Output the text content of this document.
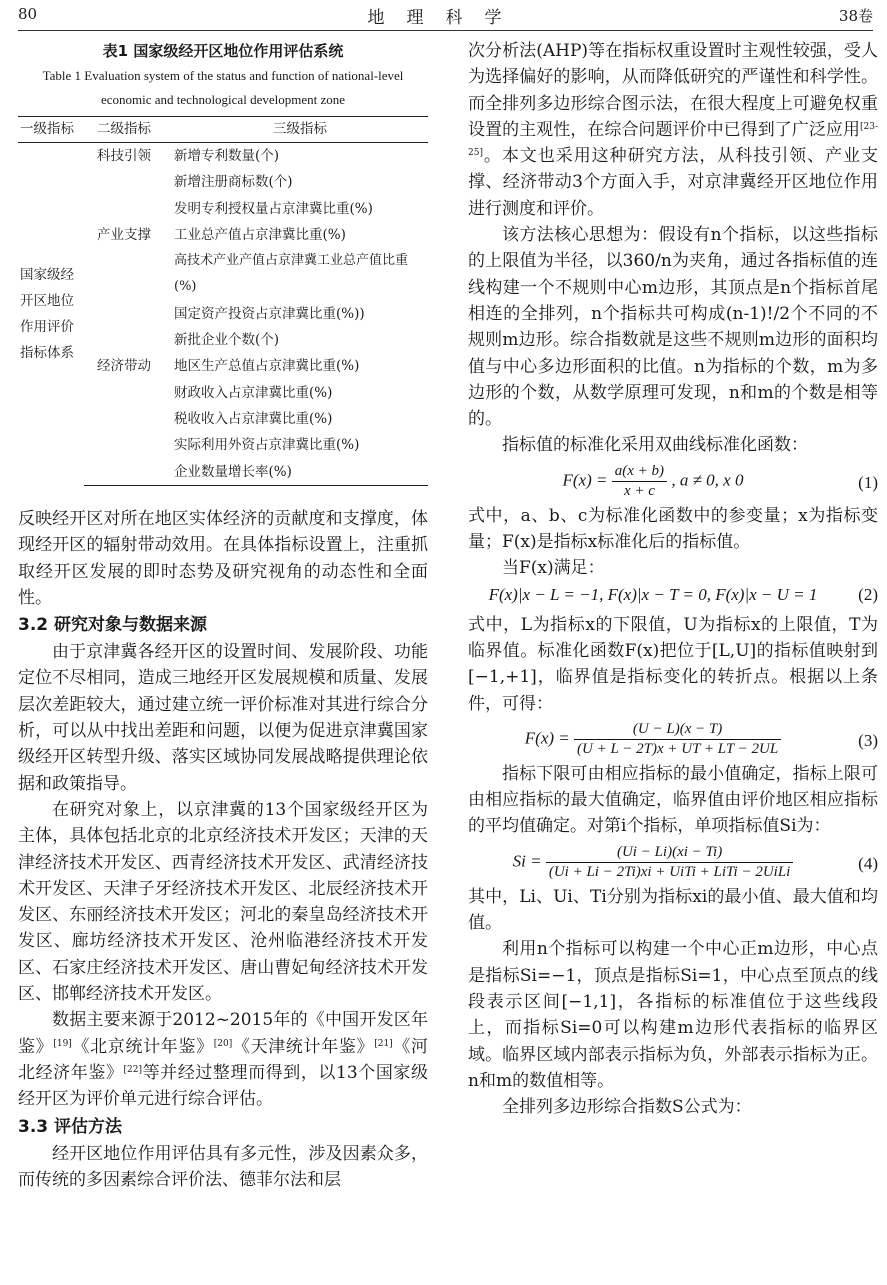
80	地理科学	38卷
表1 国家级经开区地位作用评估系统
Table 1 Evaluation system of the status and function of national-level economic and technological development zone
一级指标	二级指标	三级指标
国家级经开区地位作用评价指标体系	科技引领	新增专利数量(个)
		新增注册商标数(个)
		发明专利授权量占京津冀比重(%)
	产业支撑	工业总产值占京津冀比重(%)
		高技术产业产值占京津冀工业总产值比重(%)
		国定资产投资占京津冀比重(%))
		新批企业个数(个)
	经济带动	地区生产总值占京津冀比重(%)
		财政收入占京津冀比重(%)
		税收收入占京津冀比重(%)
		实际利用外资占京津冀比重(%)
		企业数量增长率(%)

反映经开区对所在地区实体经济的贡献度和支撑度，体现经开区的辐射带动效用。在具体指标设置上，注重抓取经开区发展的即时态势及研究视角的动态性和全面性。

3.2 研究对象与数据来源

由于京津冀各经开区的设置时间、发展阶段、功能定位不尽相同，造成三地经开区发展规模和质量、发展层次差距较大，通过建立统一评价标准对其进行综合分析，可以从中找出差距和问题，以便为促进京津冀国家级经开区转型升级、落实区域协同发展战略提供理论依据和政策指导。

在研究对象上，以京津冀的13个国家级经开区为主体，具体包括北京的北京经济技术开发区；天津的天津经济技术开发区、西青经济技术开发区、武清经济技术开发区、天津子牙经济技术开发区、北辰经济技术开发区、东丽经济技术开发区；河北的秦皇岛经济技术开发区、廊坊经济技术开发区、沧州临港经济技术开发区、石家庄经济技术开发区、唐山曹妃甸经济技术开发区、邯郸经济技术开发区。

数据主要来源于2012~2015年的《中国开发区年鉴》[19]《北京统计年鉴》[20]《天津统计年鉴》[21]《河北经济年鉴》[22]等并经过整理而得到，以13个国家级经开区为评价单元进行综合评估。

3.3 评估方法

经开区地位作用评估具有多元性，涉及因素众多，而传统的多因素综合评价法、德菲尔法和层

次分析法(AHP)等在指标权重设置时主观性较强，受人为选择偏好的影响，从而降低研究的严谨性和科学性。而全排列多边形综合图示法，在很大程度上可避免权重设置的主观性，在综合问题评价中已得到了广泛应用[23-25]。本文也采用这种研究方法，从科技引领、产业支撑、经济带动3个方面入手，对京津冀经开区地位作用进行测度和评价。

该方法核心思想为：假设有n个指标，以这些指标的上限值为半径，以360/n为夹角，通过各指标值的连线构建一个不规则中心m边形，其顶点是n个指标首尾相连的全排列，n个指标共可构成(n-1)!/2个不同的不规则m边形。综合指数就是这些不规则m边形的面积均值与中心多边形面积的比值。n为指标的个数，m为多边形的个数，从数学原理可发现，n和m的个数是相等的。

指标值的标准化采用双曲线标准化函数：

$F(x) = \frac{a(x + b)}{x + c}$ , a ≠ 0, x 0	(1)

式中，a、b、c为标准化函数中的参变量；x为指标变量；F(x)是指标x标准化后的指标值。

当F(x)满足：

F(x)|x − L = −1, F(x)|x − T = 0, F(x)|x − U = 1	(2)

式中，L为指标x的下限值，U为指标x的上限值，T为临界值。标准化函数F(x)把位于[L,U]的指标值映射到[−1,+1]，临界值是指标变化的转折点。根据以上条件，可得：

$F(x) = \frac{(U - L)(x - T)}{(U + L - 2T)x + UT + LT - 2UL}$	(3)

指标下限可由相应指标的最小值确定，指标上限可由相应指标的最大值确定，临界值由评价地区相应指标的平均值确定。对第i个指标，单项指标值Si为：

$Si = \frac{(Ui - Li)(xi - Ti)}{\text{(Ui + Li − 2Ti)xi + UiTi + LiTi − 2UiLi}}$	(4)

其中，Li、Ui、Ti分别为指标xi的最小值、最大值和均值。

利用n个指标可以构建一个中心正m边形，中心点是指标Si=−1，顶点是指标Si=1，中心点至顶点的线段表示区间[−1,1]，各指标的标准值位于这些线段上，而指标Si=0可以构建m边形代表指标的临界区域。临界区域内部表示指标为负，外部表示指标为正。n和m的数值相等。

全排列多边形综合指数S公式为：
